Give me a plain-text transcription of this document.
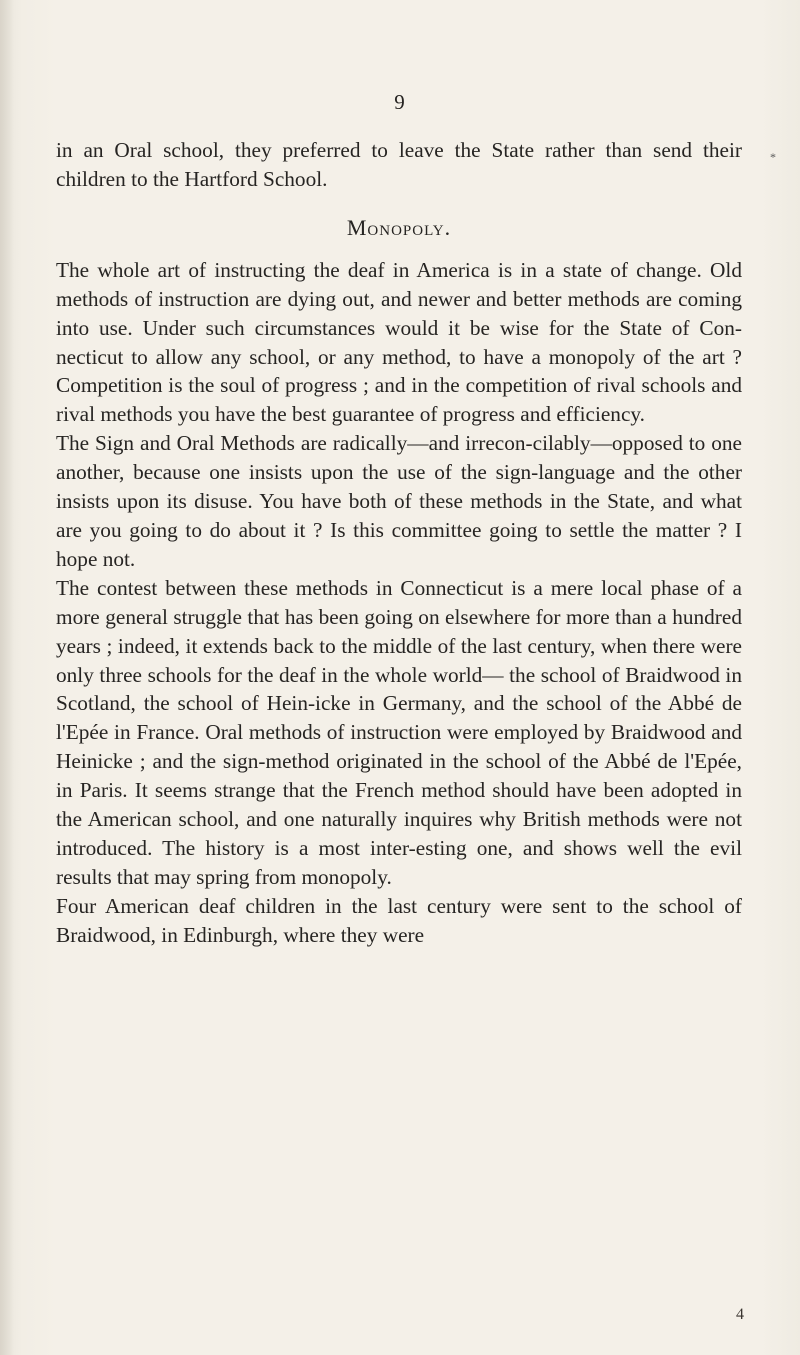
9

in an Oral school, they preferred to leave the State rather than send their children to the Hartford School.

Monopoly.

The whole art of instructing the deaf in America is in a state of change. Old methods of instruction are dying out, and newer and better methods are coming into use. Under such circumstances would it be wise for the State of Con-necticut to allow any school, or any method, to have a monopoly of the art ? Competition is the soul of progress ; and in the competition of rival schools and rival methods you have the best guarantee of progress and efficiency.

The Sign and Oral Methods are radically—and irrecon-cilably—opposed to one another, because one insists upon the use of the sign-language and the other insists upon its disuse. You have both of these methods in the State, and what are you going to do about it ? Is this committee going to settle the matter ? I hope not.

The contest between these methods in Connecticut is a mere local phase of a more general struggle that has been going on elsewhere for more than a hundred years ; indeed, it extends back to the middle of the last century, when there were only three schools for the deaf in the whole world— the school of Braidwood in Scotland, the school of Hein-icke in Germany, and the school of the Abbé de l'Epée in France. Oral methods of instruction were employed by Braidwood and Heinicke ; and the sign-method originated in the school of the Abbé de l'Epée, in Paris. It seems strange that the French method should have been adopted in the American school, and one naturally inquires why British methods were not introduced. The history is a most inter-esting one, and shows well the evil results that may spring from monopoly.

Four American deaf children in the last century were sent to the school of Braidwood, in Edinburgh, where they were

*
4
